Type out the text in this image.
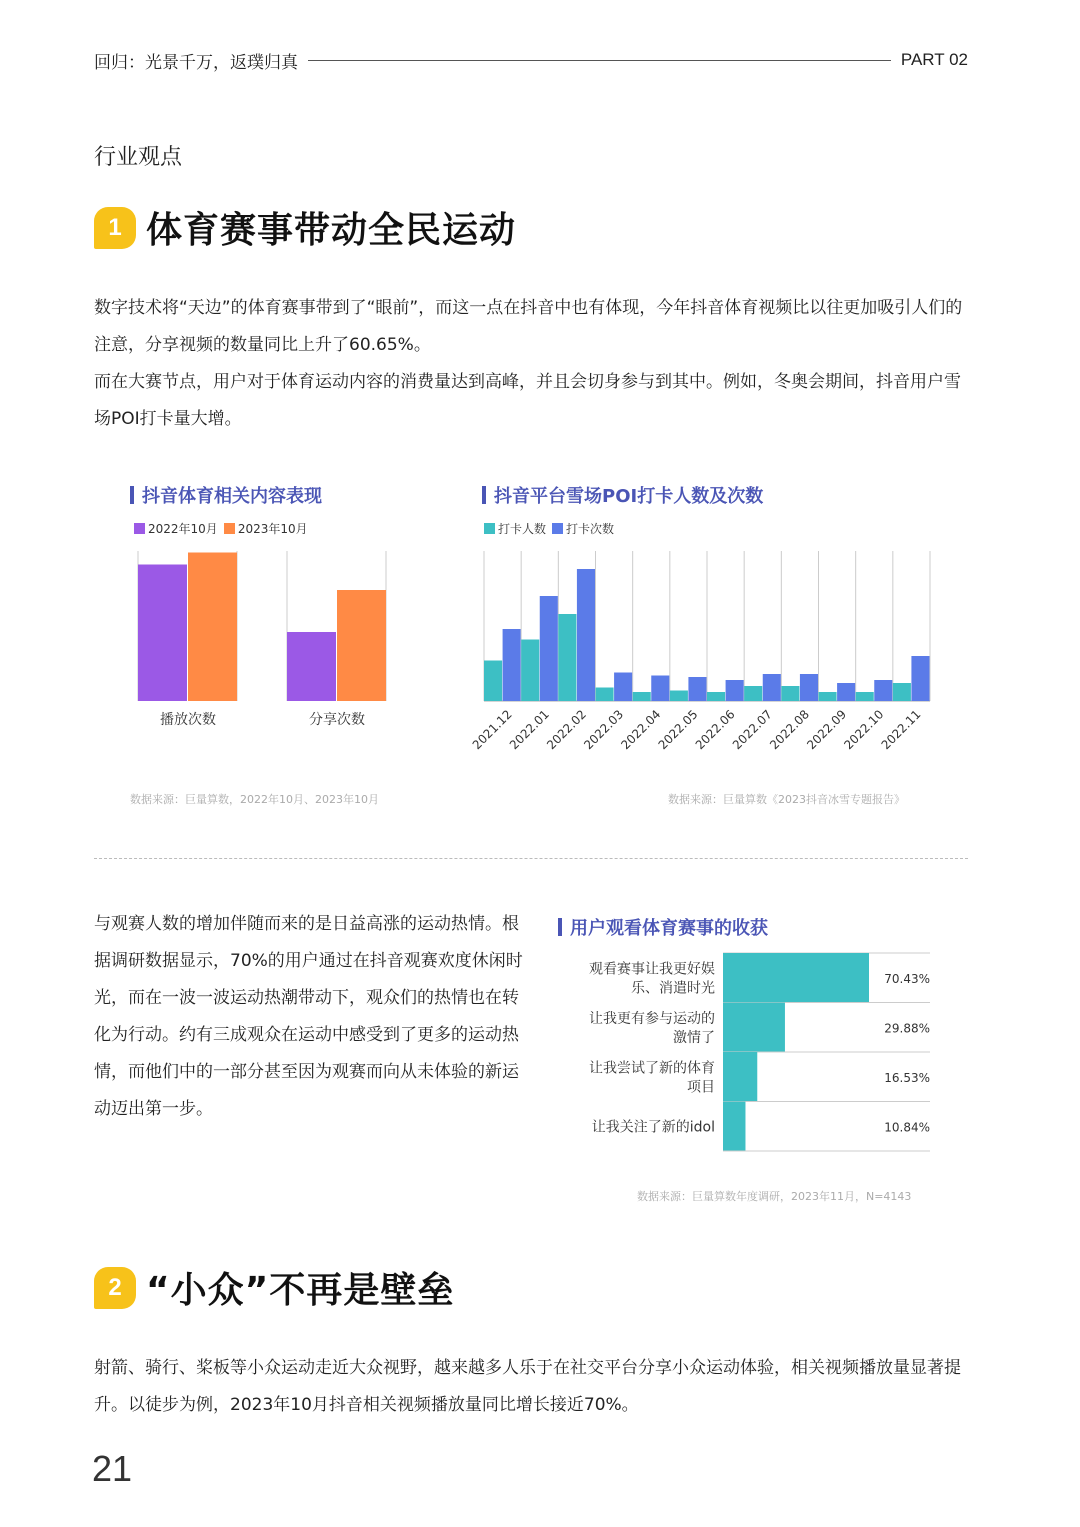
回归：光景千万，返璞归真	PART 02
行业观点
1 体育赛事带动全民运动
数字技术将“天边”的体育赛事带到了“眼前”，而这一点在抖音中也有体现，今年抖音体育视频比以往更加吸引人们的注意，分享视频的数量同比上升了60.65%。
而在大赛节点，用户对于体育运动内容的消费量达到高峰，并且会切身参与到其中。例如，冬奥会期间，抖音用户雪场POI打卡量大增。
抖音体育相关内容表现
2022年10月 2023年10月
播放次数	分享次数
数据来源：巨量算数，2022年10月、2023年10月
抖音平台雪场POI打卡人数及次数
打卡人数 打卡次数
2021.12
2022.01
2022.02
2022.03
2022.04
2022.05
2022.06
2022.07
2022.08
2022.09
2022.10
2022.11
数据来源：巨量算数《2023抖音冰雪专题报告》
与观赛人数的增加伴随而来的是日益高涨的运动热情。根据调研数据显示，70%的用户通过在抖音观赛欢度休闲时光，而在一波一波运动热潮带动下，观众们的热情也在转化为行动。约有三成观众在运动中感受到了更多的运动热情，而他们中的一部分甚至因为观赛而向从未体验的新运动迈出第一步。
用户观看体育赛事的收获
70.43%
观看赛事让我更好娱
乐、消遣时光
29.88%
让我更有参与运动的
激情了
16.53%
让我尝试了新的体育
项目
10.84%
让我关注了新的idol
数据来源：巨量算数年度调研，2023年11月，N=4143
2 “小众”不再是壁垒
射箭、骑行、桨板等小众运动走近大众视野，越来越多人乐于在社交平台分享小众运动体验，相关视频播放量显著提升。以徒步为例，2023年10月抖音相关视频播放量同比增长接近70%。
21
